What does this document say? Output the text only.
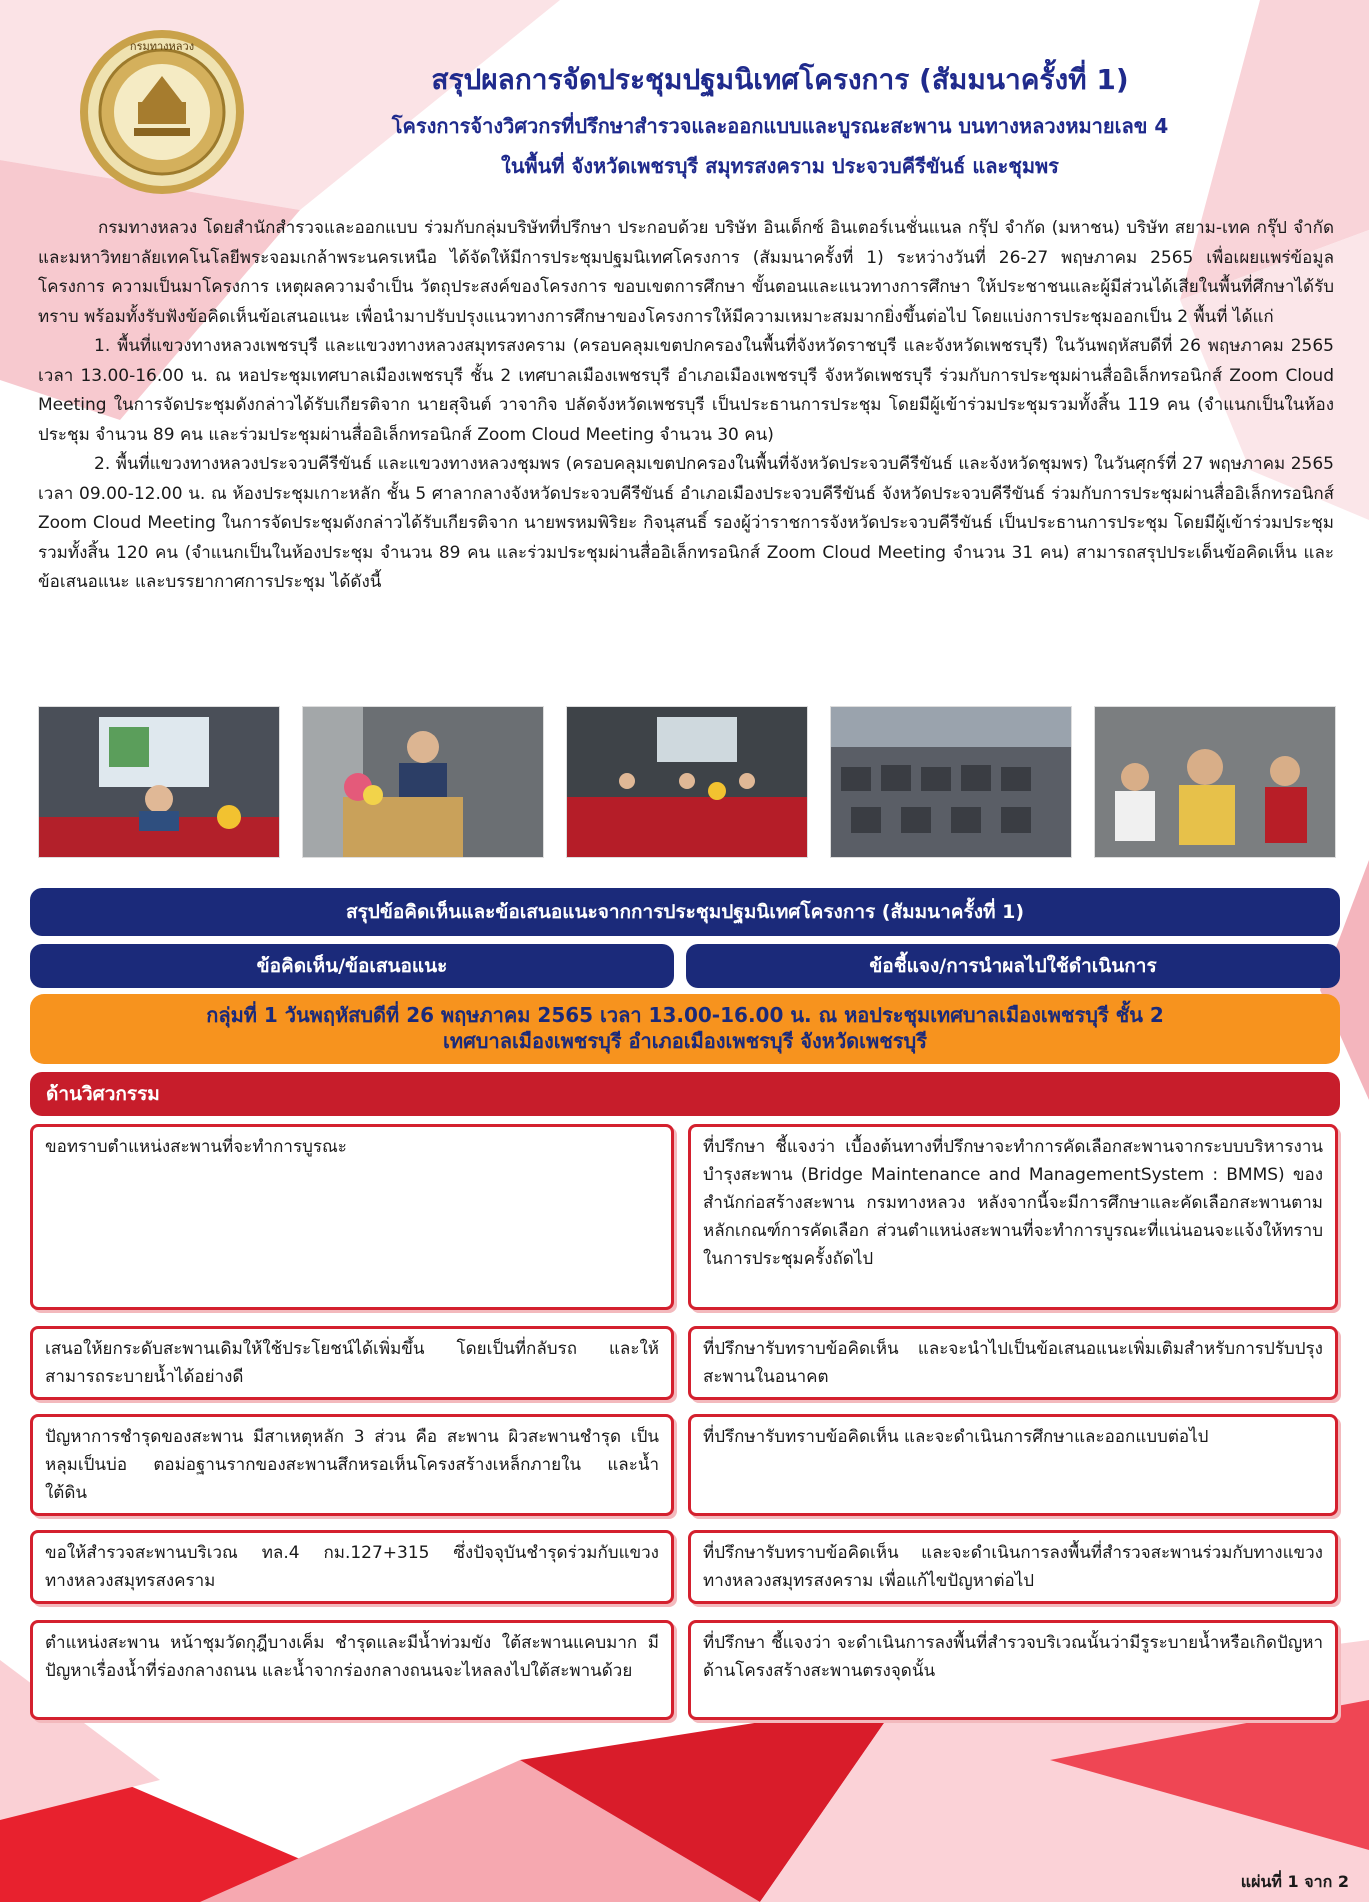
กรมทางหลวง
สรุปผลการจัดประชุมปฐมนิเทศโครงการ (สัมมนาครั้งที่ 1)
โครงการจ้างวิศวกรที่ปรึกษาสำรวจและออกแบบและบูรณะสะพาน บนทางหลวงหมายเลข 4
ในพื้นที่ จังหวัดเพชรบุรี สมุทรสงคราม ประจวบคีรีขันธ์ และชุมพร

กรมทางหลวง โดยสำนักสำรวจและออกแบบ ร่วมกับกลุ่มบริษัทที่ปรึกษา ประกอบด้วย บริษัท อินเด็กซ์ อินเตอร์เนชั่นแนล กรุ๊ป จำกัด (มหาชน) บริษัท สยาม-เทค กรุ๊ป จำกัด และมหาวิทยาลัยเทคโนโลยีพระจอมเกล้าพระนครเหนือ ได้จัดให้มีการประชุมปฐมนิเทศโครงการ (สัมมนาครั้งที่ 1) ระหว่างวันที่ 26-27 พฤษภาคม 2565 เพื่อเผยแพร่ข้อมูลโครงการ ความเป็นมาโครงการ เหตุผลความจำเป็น วัตถุประสงค์ของโครงการ ขอบเขตการศึกษา ขั้นตอนและแนวทางการศึกษา ให้ประชาชนและผู้มีส่วนได้เสียในพื้นที่ศึกษาได้รับทราบ พร้อมทั้งรับฟังข้อคิดเห็นข้อเสนอแนะ เพื่อนำมาปรับปรุงแนวทางการศึกษาของโครงการให้มีความเหมาะสมมากยิ่งขึ้นต่อไป โดยแบ่งการประชุมออกเป็น 2 พื้นที่ ได้แก่

1. พื้นที่แขวงทางหลวงเพชรบุรี และแขวงทางหลวงสมุทรสงคราม (ครอบคลุมเขตปกครองในพื้นที่จังหวัดราชบุรี และจังหวัดเพชรบุรี) ในวันพฤหัสบดีที่ 26 พฤษภาคม 2565 เวลา 13.00-16.00 น. ณ หอประชุมเทศบาลเมืองเพชรบุรี ชั้น 2 เทศบาลเมืองเพชรบุรี อำเภอเมืองเพชรบุรี จังหวัดเพชรบุรี ร่วมกับการประชุมผ่านสื่ออิเล็กทรอนิกส์ Zoom Cloud Meeting ในการจัดประชุมดังกล่าวได้รับเกียรติจาก นายสุจินต์ วาจากิจ ปลัดจังหวัดเพชรบุรี เป็นประธานการประชุม โดยมีผู้เข้าร่วมประชุมรวมทั้งสิ้น 119 คน (จำแนกเป็นในห้องประชุม จำนวน 89 คน และร่วมประชุมผ่านสื่ออิเล็กทรอนิกส์ Zoom Cloud Meeting จำนวน 30 คน)

2. พื้นที่แขวงทางหลวงประจวบคีรีขันธ์ และแขวงทางหลวงชุมพร (ครอบคลุมเขตปกครองในพื้นที่จังหวัดประจวบคีรีขันธ์ และจังหวัดชุมพร) ในวันศุกร์ที่ 27 พฤษภาคม 2565 เวลา 09.00-12.00 น. ณ ห้องประชุมเกาะหลัก ชั้น 5 ศาลากลางจังหวัดประจวบคีรีขันธ์ อำเภอเมืองประจวบคีรีขันธ์ จังหวัดประจวบคีรีขันธ์ ร่วมกับการประชุมผ่านสื่ออิเล็กทรอนิกส์ Zoom Cloud Meeting ในการจัดประชุมดังกล่าวได้รับเกียรติจาก นายพรหมพิริยะ กิจนุสนธิ์ รองผู้ว่าราชการจังหวัดประจวบคีรีขันธ์ เป็นประธานการประชุม โดยมีผู้เข้าร่วมประชุมรวมทั้งสิ้น 120 คน (จำแนกเป็นในห้องประชุม จำนวน 89 คน และร่วมประชุมผ่านสื่ออิเล็กทรอนิกส์ Zoom Cloud Meeting จำนวน 31 คน) สามารถสรุปประเด็นข้อคิดเห็น และข้อเสนอแนะ และบรรยากาศการประชุม ได้ดังนี้

สรุปข้อคิดเห็นและข้อเสนอแนะจากการประชุมปฐมนิเทศโครงการ (สัมมนาครั้งที่ 1)
ข้อคิดเห็น/ข้อเสนอแนะ	ข้อชี้แจง/การนำผลไปใช้ดำเนินการ
กลุ่มที่ 1 วันพฤหัสบดีที่ 26 พฤษภาคม 2565 เวลา 13.00-16.00 น. ณ หอประชุมเทศบาลเมืองเพชรบุรี ชั้น 2
เทศบาลเมืองเพชรบุรี อำเภอเมืองเพชรบุรี จังหวัดเพชรบุรี
ด้านวิศวกรรม
ขอทราบตำแหน่งสะพานที่จะทำการบูรณะ	ที่ปรึกษา ชี้แจงว่า เบื้องต้นทางที่ปรึกษาจะทำการคัดเลือกสะพานจากระบบบริหารงานบำรุงสะพาน (Bridge Maintenance and ManagementSystem : BMMS) ของสำนักก่อสร้างสะพาน กรมทางหลวง หลังจากนี้จะมีการศึกษาและคัดเลือกสะพานตามหลักเกณฑ์การคัดเลือก ส่วนตำแหน่งสะพานที่จะทำการบูรณะที่แน่นอนจะแจ้งให้ทราบในการประชุมครั้งถัดไป
เสนอให้ยกระดับสะพานเดิมให้ใช้ประโยชน์ได้เพิ่มขึ้น โดยเป็นที่กลับรถ และให้สามารถระบายน้ำได้อย่างดี
ที่ปรึกษารับทราบข้อคิดเห็น และจะนำไปเป็นข้อเสนอแนะเพิ่มเติมสำหรับการปรับปรุงสะพานในอนาคต
ปัญหาการชำรุดของสะพาน มีสาเหตุหลัก 3 ส่วน คือ สะพาน ผิวสะพานชำรุด เป็นหลุมเป็นบ่อ ตอม่อฐานรากของสะพานสึกหรอเห็นโครงสร้างเหล็กภายใน และน้ำใต้ดิน
ที่ปรึกษารับทราบข้อคิดเห็น และจะดำเนินการศึกษาและออกแบบต่อไป
ขอให้สำรวจสะพานบริเวณ ทล.4 กม.127+315 ซึ่งปัจจุบันชำรุดร่วมกับแขวงทางหลวงสมุทรสงคราม
ที่ปรึกษารับทราบข้อคิดเห็น และจะดำเนินการลงพื้นที่สำรวจสะพานร่วมกับทางแขวงทางหลวงสมุทรสงคราม เพื่อแก้ไขปัญหาต่อไป
ตำแหน่งสะพาน หน้าชุมวัดกุฎีบางเค็ม ชำรุดและมีน้ำท่วมขัง ใต้สะพานแคบมาก มีปัญหาเรื่องน้ำที่ร่องกลางถนน และน้ำจากร่องกลางถนนจะไหลลงไปใต้สะพานด้วย
ที่ปรึกษา ชี้แจงว่า จะดำเนินการลงพื้นที่สำรวจบริเวณนั้นว่ามีรูระบายน้ำหรือเกิดปัญหาด้านโครงสร้างสะพานตรงจุดนั้น
แผ่นที่ 1 จาก 2
